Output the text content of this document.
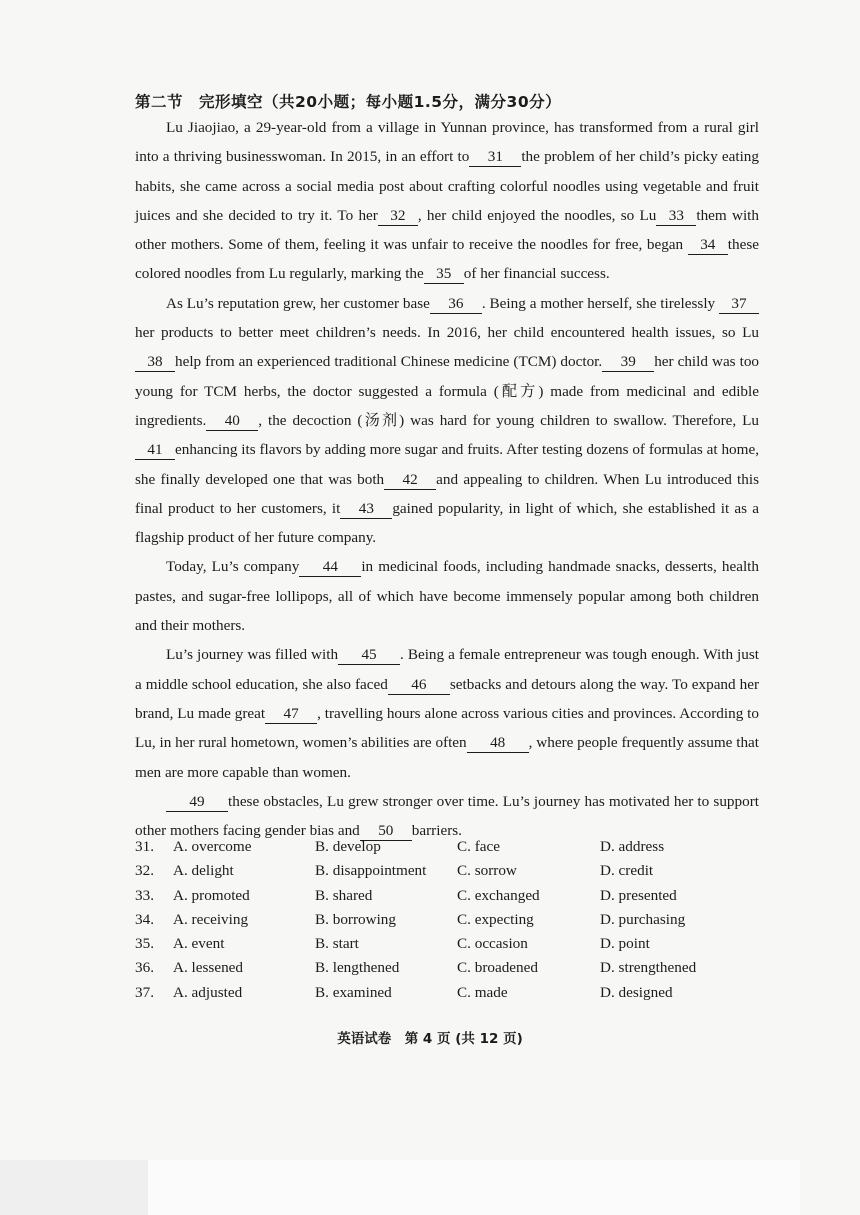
第二节　完形填空（共20小题；每小题1.5分，满分30分）

Lu Jiaojiao, a 29-year-old from a village in Yunnan province, has transformed from a rural girl into a thriving businesswoman. In 2015, in an effort to 31 the problem of her child’s picky eating habits, she came across a social media post about crafting colorful noodles using vegetable and fruit juices and she decided to try it. To her 32 , her child enjoyed the noodles, so Lu 33 them with other mothers. Some of them, feeling it was unfair to receive the noodles for free, began 34 these colored noodles from Lu regularly, marking the 35 of her financial success.

As Lu’s reputation grew, her customer base 36 . Being a mother herself, she tirelessly 37her products to better meet children’s needs. In 2016, her child encountered health issues, so Lu 38 help from an experienced traditional Chinese medicine (TCM) doctor. 39 her child was too young for TCM herbs, the doctor suggested a formula (配方) made from medicinal and edible ingredients. 40 , the decoction (汤剂) was hard for young children to swallow. Therefore, Lu 41 enhancing its flavors by adding more sugar and fruits. After testing dozens of formulas at home, she finally developed one that was both 42 and appealing to children. When Lu introduced this final product to her customers, it 43 gained popularity, in light of which, she established it as a flagship product of her future company.

Today, Lu’s company 44 in medicinal foods, including handmade snacks, desserts, health pastes, and sugar-free lollipops, all of which have become immensely popular among both children and their mothers.

Lu’s journey was filled with 45 . Being a female entrepreneur was tough enough. With just a middle school education, she also faced 46 setbacks and detours along the way. To expand her brand, Lu made great 47 , travelling hours alone across various cities and provinces. According to Lu, in her rural hometown, women’s abilities are often 48 , where people frequently assume that men are more capable than women.

49 these obstacles, Lu grew stronger over time. Lu’s journey has motivated her to support other mothers facing gender bias and 50 barriers.

31. A. overcome	B. develop	C. face	D. address
32. A. delight	B. disappointment C. sorrow	D. credit
33. A. promoted	B. shared	C. exchanged	D. presented
34. A. receiving	B. borrowing	C. expecting	D. purchasing
35. A. event	B. start	C. occasion	D. point
36. A. lessened	B. lengthened	C. broadened	D. strengthened
37. A. adjusted	B. examined	C. made	D. designed
英语试卷　第 4 页 (共 12 页)
